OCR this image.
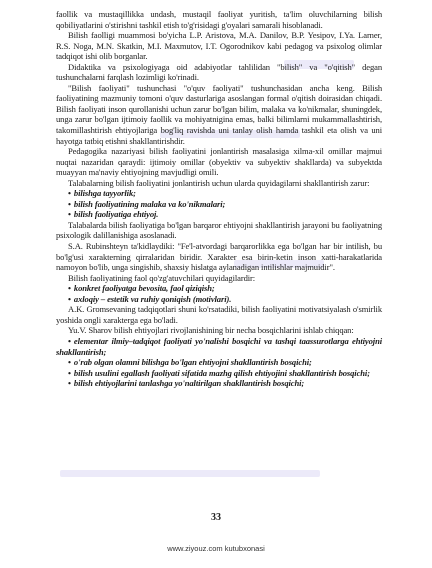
faollik va mustaqillikka undash, mustaqil faoliyat yuritish, ta'lim oluvchilarning bilish qobiliyatlarini o'stirishni tashkil etish to'g'risidagi g'oyalari samarali hisoblanadi.

Bilish faolligi muammosi bo'yicha L.P. Aristova, M.A. Danilov, B.P. Yesipov, I.Ya. Larner, R.S. Noga, M.N. Skatkin, M.I. Maxmutov, I.T. Ogorodnikov kabi pedagog va psixolog olimlar tadqiqot ishi olib borganlar.

Didaktika va psixologiyaga oid adabiyotlar tahlilidan "bilish" va "o'qitish" degan tushunchalarni farqlash lozimligi ko'rinadi.

"Bilish faoliyati" tushunchasi "o'quv faoliyati" tushunchasidan ancha keng. Bilish faoliyatining mazmuniy tomoni o'quv dasturlariga asoslangan formal o'qitish doirasidan chiqadi. Bilish faoliyati inson qurollanishi uchun zarur bo'lgan bilim, malaka va ko'nikmalar, shuningdek, unga zarur bo'lgan ijtimoiy faollik va mohiyatnigina emas, balki bilimlarni mukammallashtirish, takomillashtirish ehtiyojlariga bog'liq ravishda uni tanlay olish hamda tashkil eta olish va uni hayotga tatbiq etishni shakllantirishdir.

Pedagogika nazariyasi bilish faoliyatini jonlantirish masalasiga xilma-xil omillar majmui nuqtai nazaridan qaraydi: ijtimoiy omillar (obyektiv va subyektiv shakllarda) va subyektda muayyan ma'naviy ehtiyojning mavjudligi omili.

Talabalarning bilish faoliyatini jonlantirish uchun ularda quyidagilarni shakllantirish zarur:

• bilishga tayyorlik;

• bilish faoliyatining malaka va ko'nikmalari;

• bilish faoliyatiga ehtiyoj.

Talabalarda bilish faoliyatiga bo'lgan barqaror ehtiyojni shakllantirish jarayoni bu faoliyatning psixologik dalillanishiga asoslanadi.

S.A. Rubinshteyn ta'kidlaydiki: "Fe'l-atvordagi barqarorlikka ega bo'lgan har bir intilish, bu bo'lg'usi xarakterning qirralaridan biridir. Xarakter esa birin-ketin inson xatti-harakatlarida namoyon bo'lib, unga singishib, shaxsiy hislatga aylanadigan intilishlar majmuidir".

Bilish faoliyatining faol qo'zg'atuvchilari quyidagilardir:

• konkret faoliyatga bevosita, faol qiziqish;

• axloqiy – estetik va ruhiy qoniqish (motivlari).

A.K. Gromsevaning tadqiqotlari shuni ko'rsatadiki, bilish faoliyatini motivatsiyalash o'smirlik yoshida ongli xarakterga ega bo'ladi.

Yu.V. Sharov bilish ehtiyojlari rivojlanishining bir necha bosqichlarini ishlab chiqqan:

• elementar ilmiy–tadqiqot faoliyati yo'nalishi bosqichi va tashqi taassurotlarga ehtiyojni shakllantirish;

• o'rab olgan olamni bilishga bo'lgan ehtiyojni shakllantirish bosqichi;

• bilish usulini egallash faoliyati sifatida mazhg qilish ehtiyojini shakllantirish bosqichi;

• bilish ehtiyojlarini tanlashga yo'naltirilgan shakllantirish bosqichi;

33
www.ziyouz.com kutubxonasi
